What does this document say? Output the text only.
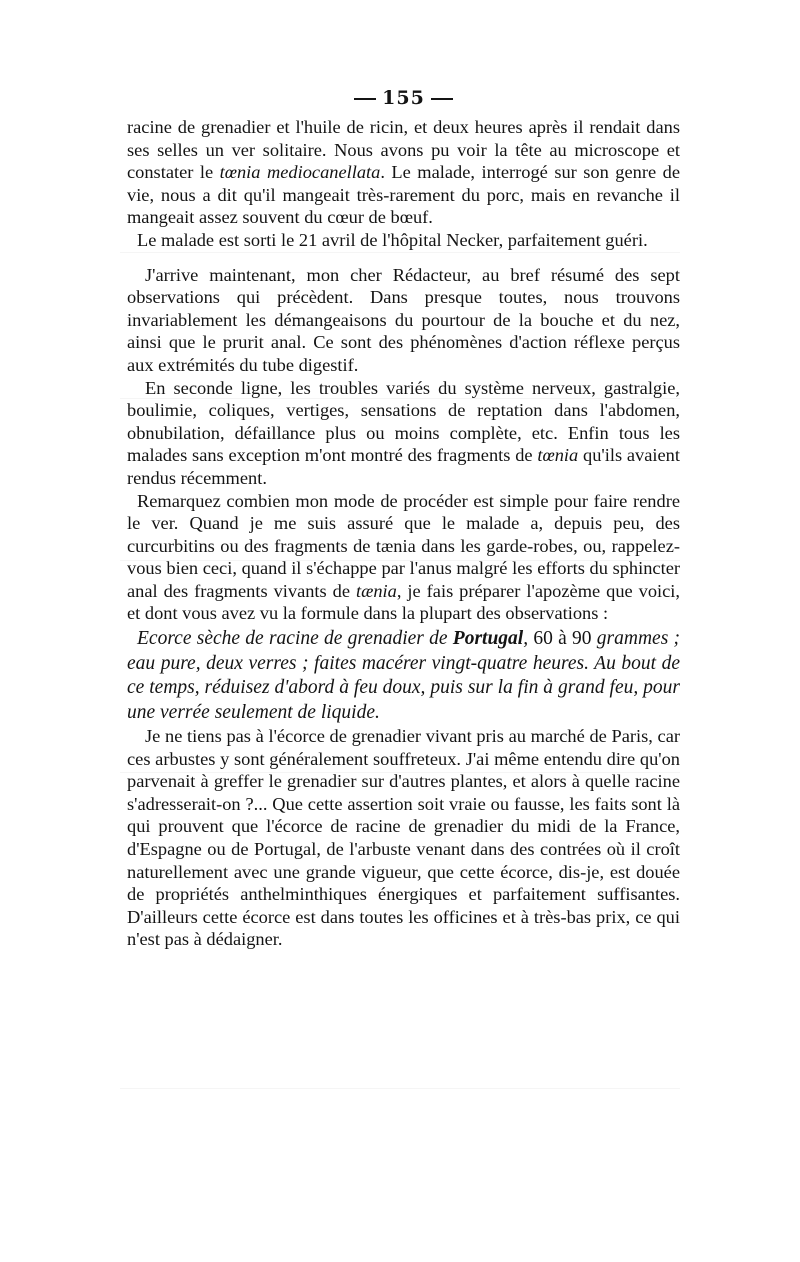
155

racine de grenadier et l'huile de ricin, et deux heures après il rendait dans ses selles un ver solitaire. Nous avons pu voir la tête au microscope et constater le tœnia mediocanellata. Le malade, interrogé sur son genre de vie, nous a dit qu'il mangeait très-rarement du porc, mais en revanche il mangeait assez souvent du cœur de bœuf.

Le malade est sorti le 21 avril de l'hôpital Necker, parfaitement guéri.

J'arrive maintenant, mon cher Rédacteur, au bref résumé des sept observations qui précèdent. Dans presque toutes, nous trouvons invariablement les démangeaisons du pourtour de la bouche et du nez, ainsi que le prurit anal. Ce sont des phénomènes d'action réflexe perçus aux extrémités du tube digestif.

En seconde ligne, les troubles variés du système nerveux, gastralgie, boulimie, coliques, vertiges, sensations de reptation dans l'abdomen, obnubilation, défaillance plus ou moins complète, etc. Enfin tous les malades sans exception m'ont montré des fragments de tœnia qu'ils avaient rendus récemment.

Remarquez combien mon mode de procéder est simple pour faire rendre le ver. Quand je me suis assuré que le malade a, depuis peu, des curcurbitins ou des fragments de tænia dans les garde-robes, ou, rappelez-vous bien ceci, quand il s'échappe par l'anus malgré les efforts du sphincter anal des fragments vivants de tænia, je fais préparer l'apozème que voici, et dont vous avez vu la formule dans la plupart des observations :

Ecorce sèche de racine de grenadier de Portugal, 60 à 90 grammes ; eau pure, deux verres ; faites macérer vingt-quatre heures. Au bout de ce temps, réduisez d'abord à feu doux, puis sur la fin à grand feu, pour une verrée seulement de liquide.

Je ne tiens pas à l'écorce de grenadier vivant pris au marché de Paris, car ces arbustes y sont généralement souffreteux. J'ai même entendu dire qu'on parvenait à greffer le grenadier sur d'autres plantes, et alors à quelle racine s'adresserait-on ?... Que cette assertion soit vraie ou fausse, les faits sont là qui prouvent que l'écorce de racine de grenadier du midi de la France, d'Espagne ou de Portugal, de l'arbuste venant dans des contrées où il croît naturellement avec une grande vigueur, que cette écorce, dis-je, est douée de propriétés anthelminthiques énergiques et parfaitement suffisantes. D'ailleurs cette écorce est dans toutes les officines et à très-bas prix, ce qui n'est pas à dédaigner.
